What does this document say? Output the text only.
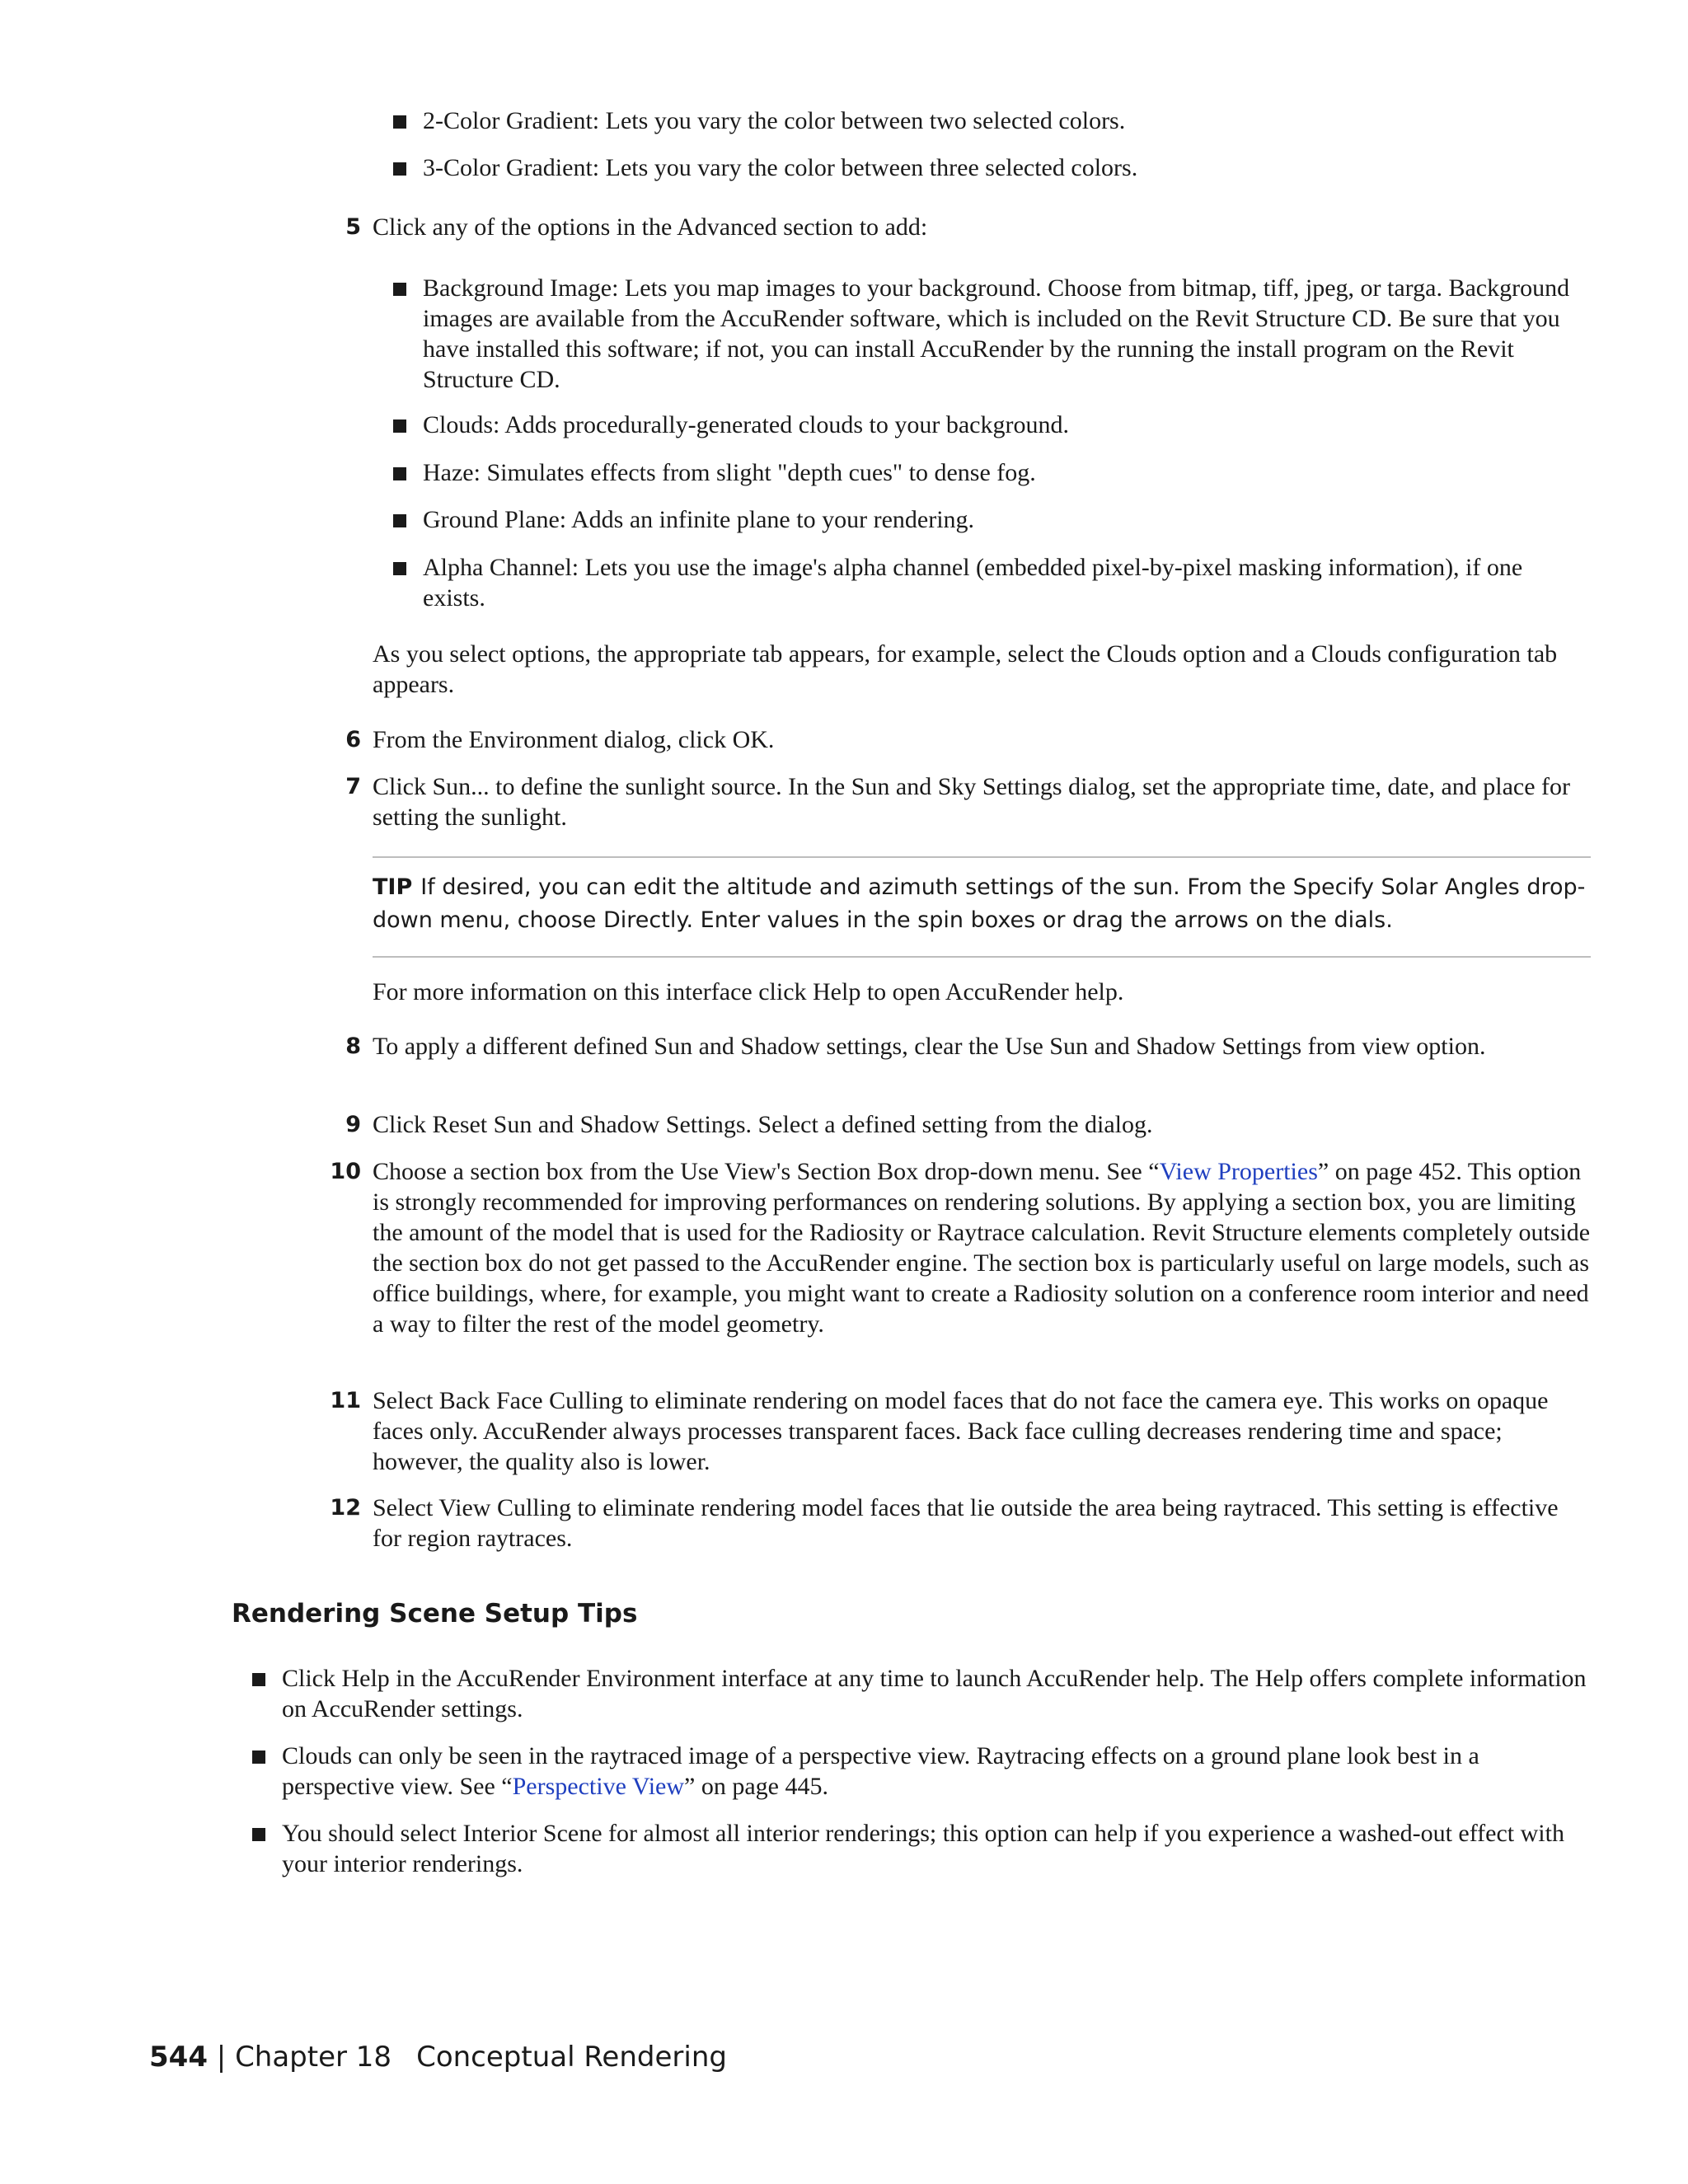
2-Color Gradient: Lets you vary the color between two selected colors.
3-Color Gradient: Lets you vary the color between three selected colors.
5 Click any of the options in the Advanced section to add:
Background Image: Lets you map images to your background. Choose from bitmap, tiff, jpeg, or targa. Background images are available from the AccuRender software, which is included on the Revit Structure CD. Be sure that you have installed this software; if not, you can install AccuRender by the running the install program on the Revit Structure CD.
Clouds: Adds procedurally-generated clouds to your background.
Haze: Simulates effects from slight "depth cues" to dense fog.
Ground Plane: Adds an infinite plane to your rendering.
Alpha Channel: Lets you use the image's alpha channel (embedded pixel-by-pixel masking information), if one exists.
As you select options, the appropriate tab appears, for example, select the Clouds option and a Clouds configuration tab appears.
6 From the Environment dialog, click OK.
7 Click Sun... to define the sunlight source. In the Sun and Sky Settings dialog, set the appropriate time, date, and place for setting the sunlight.
TIP If desired, you can edit the altitude and azimuth settings of the sun. From the Specify Solar Angles drop-down menu, choose Directly. Enter values in the spin boxes or drag the arrows on the dials.
For more information on this interface click Help to open AccuRender help.
8 To apply a different defined Sun and Shadow settings, clear the Use Sun and Shadow Settings from view option.
9 Click Reset Sun and Shadow Settings. Select a defined setting from the dialog.
10 Choose a section box from the Use View's Section Box drop-down menu. See “View Properties” on page 452. This option is strongly recommended for improving performances on rendering solutions. By applying a section box, you are limiting the amount of the model that is used for the Radiosity or Raytrace calculation. Revit Structure elements completely outside the section box do not get passed to the AccuRender engine. The section box is particularly useful on large models, such as office buildings, where, for example, you might want to create a Radiosity solution on a conference room interior and need a way to filter the rest of the model geometry.
11 Select Back Face Culling to eliminate rendering on model faces that do not face the camera eye. This works on opaque faces only. AccuRender always processes transparent faces. Back face culling decreases rendering time and space; however, the quality also is lower.
12 Select View Culling to eliminate rendering model faces that lie outside the area being raytraced. This setting is effective for region raytraces.
Rendering Scene Setup Tips
Click Help in the AccuRender Environment interface at any time to launch AccuRender help. The Help offers complete information on AccuRender settings.
Clouds can only be seen in the raytraced image of a perspective view. Raytracing effects on a ground plane look best in a perspective view. See “Perspective View” on page 445.
You should select Interior Scene for almost all interior renderings; this option can help if you experience a washed-out effect with your interior renderings.
544 | Chapter 18 Conceptual Rendering
